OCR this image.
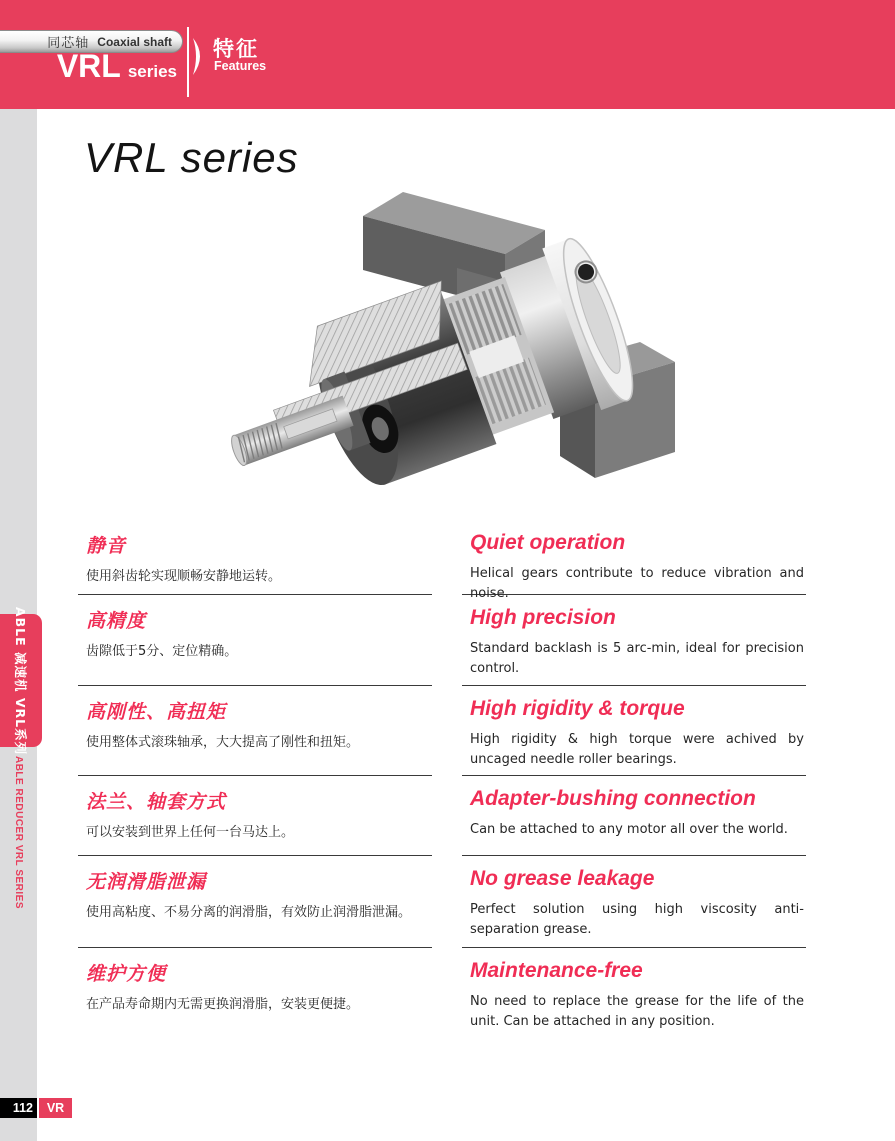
同芯轴 Coaxial shaft
VRL series
特征
Features
ABLE 减速机 VRL系列
ABLE REDUCER VRL SERIES
VRL series
静音

使用斜齿轮实现顺畅安静地运转。

Quiet operation

Helical gears contribute to reduce vibration and noise.

高精度

齿隙低于5分、定位精确。

High precision

Standard backlash is 5 arc-min, ideal for precision control.

高刚性、高扭矩

使用整体式滚珠轴承，大大提高了刚性和扭矩。

High rigidity & torque

High rigidity & high torque were achived by uncaged needle roller bearings.

法兰、轴套方式

可以安装到世界上任何一台马达上。

Adapter-bushing connection

Can be attached to any motor all over the world.

无润滑脂泄漏

使用高粘度、不易分离的润滑脂，有效防止润滑脂泄漏。

No grease leakage

Perfect solution using high viscosity anti-separation grease.

维护方便

在产品寿命期内无需更换润滑脂，安装更便捷。

Maintenance-free

No need to replace the grease for the life of the unit. Can be attached in any position.

112	VR
